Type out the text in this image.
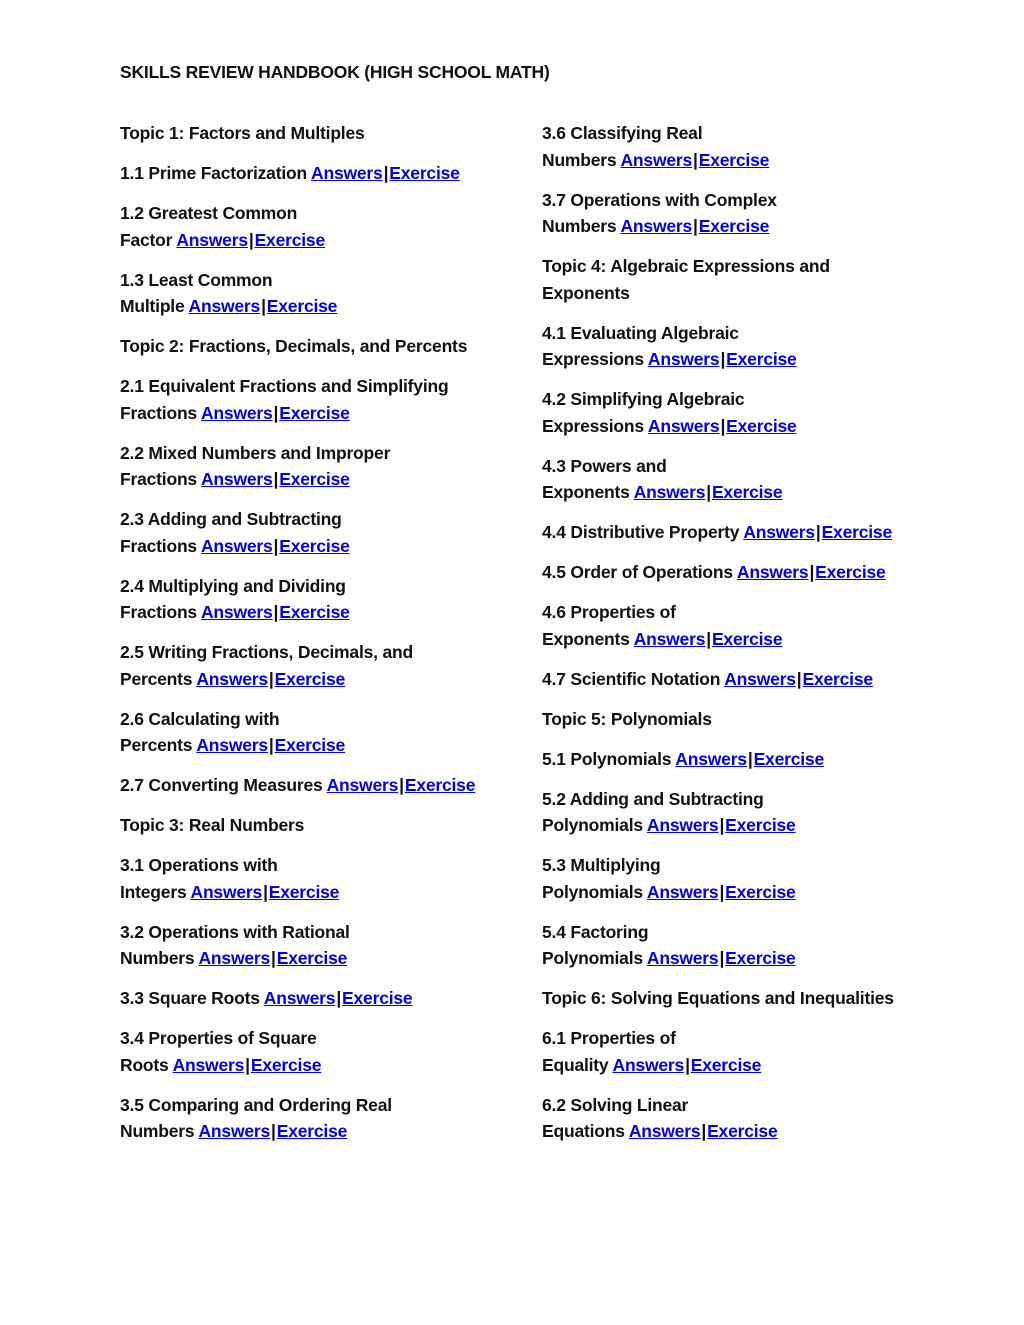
SKILLS REVIEW HANDBOOK (HIGH SCHOOL MATH)
Topic 1: Factors and Multiples
1.1 Prime Factorization Answers|Exercise
1.2 Greatest Common
Factor Answers|Exercise
1.3 Least Common
Multiple Answers|Exercise
Topic 2: Fractions, Decimals, and Percents
2.1 Equivalent Fractions and Simplifying
Fractions Answers|Exercise
2.2 Mixed Numbers and Improper
Fractions Answers|Exercise
2.3 Adding and Subtracting
Fractions Answers|Exercise
2.4 Multiplying and Dividing
Fractions Answers|Exercise
2.5 Writing Fractions, Decimals, and
Percents Answers|Exercise
2.6 Calculating with
Percents Answers|Exercise
2.7 Converting Measures Answers|Exercise
Topic 3: Real Numbers
3.1 Operations with
Integers Answers|Exercise
3.2 Operations with Rational
Numbers Answers|Exercise
3.3 Square Roots Answers|Exercise
3.4 Properties of Square
Roots Answers|Exercise
3.5 Comparing and Ordering Real
Numbers Answers|Exercise
3.6 Classifying Real
Numbers Answers|Exercise
3.7 Operations with Complex
Numbers Answers|Exercise
Topic 4: Algebraic Expressions and
Exponents
4.1 Evaluating Algebraic
Expressions Answers|Exercise
4.2 Simplifying Algebraic
Expressions Answers|Exercise
4.3 Powers and
Exponents Answers|Exercise
4.4 Distributive Property Answers|Exercise
4.5 Order of Operations Answers|Exercise
4.6 Properties of
Exponents Answers|Exercise
4.7 Scientific Notation Answers|Exercise
Topic 5: Polynomials
5.1 Polynomials Answers|Exercise
5.2 Adding and Subtracting
Polynomials Answers|Exercise
5.3 Multiplying
Polynomials Answers|Exercise
5.4 Factoring
Polynomials Answers|Exercise
Topic 6: Solving Equations and Inequalities
6.1 Properties of
Equality Answers|Exercise
6.2 Solving Linear
Equations Answers|Exercise
